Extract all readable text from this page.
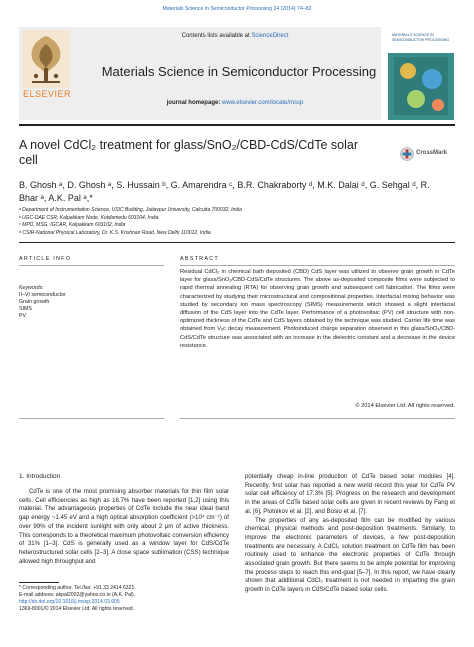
Materials Science in Semiconductor Processing 24 (2014) 74–82
ELSEVIER
Contents lists available at ScienceDirect
Materials Science in Semiconductor Processing
journal homepage: www.elsevier.com/locate/mssp
MATERIALS SCIENCE IN SEMICONDUCTOR PROCESSING
A novel CdCl₂ treatment for glass/SnO₂/CBD-CdS/CdTe solar cell	CrossMark
B. Ghosh ᵃ, D. Ghosh ᵃ, S. Hussain ᵇ, G. Amarendra ᶜ, B.R. Chakraborty ᵈ, M.K. Dalai ᵈ, G. Sehgal ᵈ, R. Bhar ᵃ, A.K. Pal ᵃ,*
ᵃ Department of Instrumentation Science, USIC Building, Jadavpur University, Calcutta 700032, India
ᵇ UGC-DAE CSR, Kalpakkam Node, Kokilamedu 603104, India
ᶜ MPD, MSG, IGCAR, Kalpakkam 603102, India
ᵈ CSIR-National Physical Laboratory, Dr. K.S. Krishnan Road, New Delhi 110012, India
ARTICLE INFO	ABSTRACT
Keywords:
II–VI semiconductor
Grain growth
SIMS
PV
Residual CdCl₂ in chemical bath deposited (CBD) CdS layer was utilized to observe grain growth in CdTe layer for glass/SnO₂/CBD-CdS/CdTe structures. The above as-deposited composite films were subjected to rapid thermal annealing (RTA) for observing grain growth and subsequent cell fabrication. The films were characterized by studying their microstructural and compositional properties. Interfacial mixing behavior was studied by secondary ion mass spectroscopy (SIMS) measurements which showed a slight interfacial diffusion of the CdS layer into the CdTe layer. Performance of a photovoltaic (PV) cell structure with non-optimized thickness of the CdTe and CdS layers obtained by the technique was studied. Carrier life time was obtained from Vₒc decay measurement. Photoinduced charge separation observed in this glass/SnO₂/CBD-CdS/CdTe structure was associated with an increase in the dielectric constant and a decrease in the device resistance.
© 2014 Elsevier Ltd. All rights reserved.
1. Introduction

CdTe is one of the most promising absorber materials for thin film solar cells. Cell efficiencies as high as 16.7% have been reported [1,2] using this material. The advantageous properties of CdTe include the near ideal band gap energy ~1.45 eV and a high optical absorption coefficient (>10⁴ cm⁻¹) of over 99% of the incident sunlight with only about 2 μm of active thickness. This corresponds to a theoretical maximum photovoltaic conversion efficiency of 31% [1–3]. CdS is generally used as a window layer for CdS/CdTe heterostructured solar cells [2–3]. A close space sublimation (CSS) technique allowed high throughput and

potentially cheap in-line production of CdTe based solar modules [4]. Recently, first solar has reported a new world record this year for CdTe PV solar cell efficiency of 17.3% [5]. Progress on the research and development in the areas of CdTe based solar cells are given in recent reviews by Fang et al. [6], Plotnikov et al. [2], and Bosio et al. [7].

The properties of any as-deposited film can be modified by various chemical, physical methods and post-deposition treatments. Similarly, to improve the electronic parameters of devices, a few post-deposition treatments are necessary. A CdCl₂ solution treatment on CdTe film has been routinely used to enhance the electronic properties of CdTe through associated grain growth. But there seems to be ample potential for improving the process steps to reach this end-goal [5–7]. In this report, we have clearly shown that additional CdCl₂ treatment is not needed in imparting the grain growth in CdTe layers in CdS/CdTe based solar cells.

* Corresponding author. Tel./fax: +91 33 2414 6321.
E-mail address: akpal2002@yahoo.co.in (A.K. Pal).
http://dx.doi.org/10.1016/j.mssp.2014.03.005
1369-8001/© 2014 Elsevier Ltd. All rights reserved.
